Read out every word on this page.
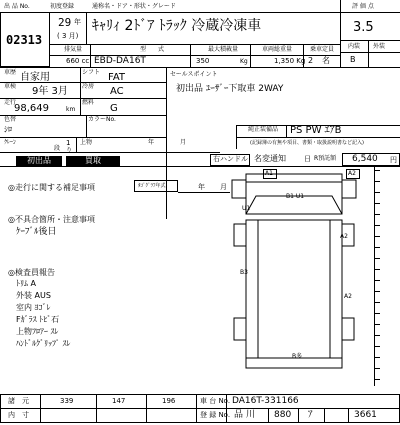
出 品 No.	初度登録	通称名・ドア・形状・グレード	評 価 点
02313
29 年
( 3 月)
ｷｬﾘｨ 2ﾄﾞｱ ﾄﾗｯｸ 冷蔵冷凍車	3.5
内装 外装
B
排気量	型　　式	最大積載量	車両総重量	乗車定員
660 cc EBD-DA16T	350	Kg	1,350 Kg 2 名
車歴 自家用	シフト FAT
車検 9年 3月 冷房 AC
走行
98,649	km
燃料
G
色替
ｼﾛ
カラーNo.
ｸﾚｰﾝ	1
段 り
上物	年	月
セールスポイント
初出品 ﾕｰｻﾞｰ下取車 2WAY
純正装備品 PS PW ｴｱB
(記録簿の有無や項目、書類・取扱説明書など記入)
初出品	買取	右ハンドル 名変通知	日 R預託額 6,540 円
◎走行に関する補足事項	ﾀｺﾞｸﾞﾗﾌ年式	年 月
◎不具合箇所・注意事項
ｹｰﾌﾞﾙ後日
◎検査員報告
ﾄﾘﾑ A
外装 AUS
室内 ﾖｺﾞﾚ
Fｶﾞﾗｽ ﾄﾋﾞ石
上物ﾌﾛｱｰ ｽﾚ
ﾊﾝﾄﾞﾙｸﾞﾘｯﾌﾟ ｽﾚ
A1	A2
B1 U1
U1
A2
B3
A2
B多
諸　元	339	147	196	車 台 No. DA16T-331166
内　寸	登 録 No. 品 川 880 ｱ	3661
